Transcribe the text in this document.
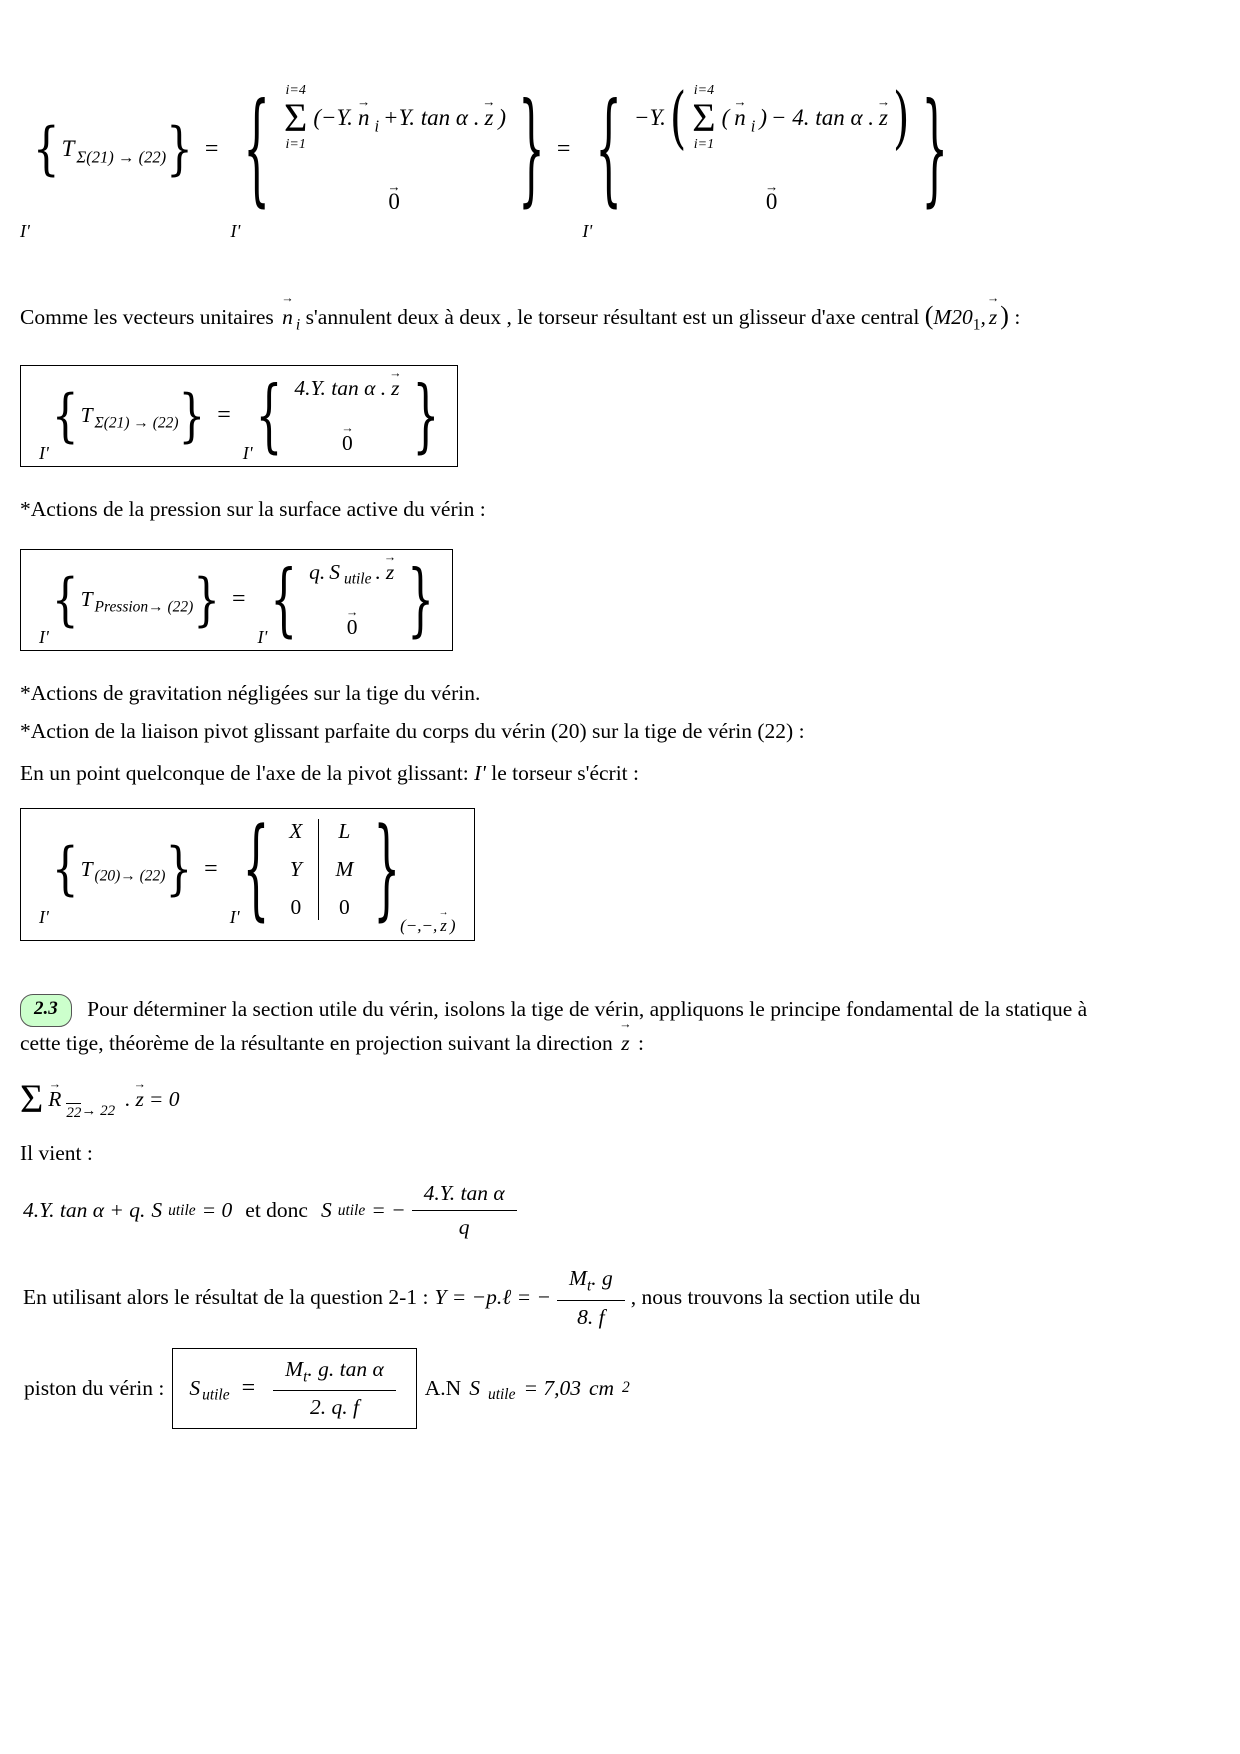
I'
{ $T_{\Sigma(21) \to (22)}$ } =
I'
{ i=4
Σ
i=1
(−Y.
→
n $_i$ +Y. tan α .
→
z )
→
0	} =
I'
{ −Y. ( i=4
Σ
i=1
(
→
n $_i$ ) − 4. tan α .
→
z )
→
0	}

Comme les vecteurs unitaires
→
n $_i$ s'annulent deux à deux , le torseur résultant est un glisseur d'axe central ($M20_1$,
→
z ) :

I'
{ $T_{\Sigma(21) \to (22)}$ } =
I' { 4.Y. tan α .
→
z
→
0 }
*Actions de la pression sur la surface active du vérin :
I'
{ $T_{Pression\to (22)}$ } =
I' { q. S $_{utile}$ .
→
z
→
0 }
*Actions de gravitation négligées sur la tige du vérin.
*Action de la liaison pivot glissant parfaite du corps du vérin (20) sur la tige de vérin (22) :
En un point quelconque de l'axe de la pivot glissant: I' le torseur s'écrit :
I'
{ $T_{(20)\to (22)}$ } =
I' { X
Y
0
L
M
0 } (−,−,
→
z )

2.3 Pour déterminer la section utile du vérin, isolons la tige de vérin, appliquons le principe fondamental de la statique à cette tige, théorème de la résultante en projection suivant la direction
→
z :

Σ →
R
22 → 22 .
→
z = 0
Il vient :
4.Y. tan α + q. S utile = 0 et donc S utile = − $\frac{\text{4.Y. tan α}}{q}$
En utilisant alors le résultat de la question 2-1 : Y = −p.ℓ = − $\frac{M_t. g}{8. f}$ , nous trouvons la section utile du
piston du vérin : $S_{utile} = \frac{M_t. g. \tan \alpha}{2. q. f} A.N$ S $_{utile}$ = 7,03 cm 2
